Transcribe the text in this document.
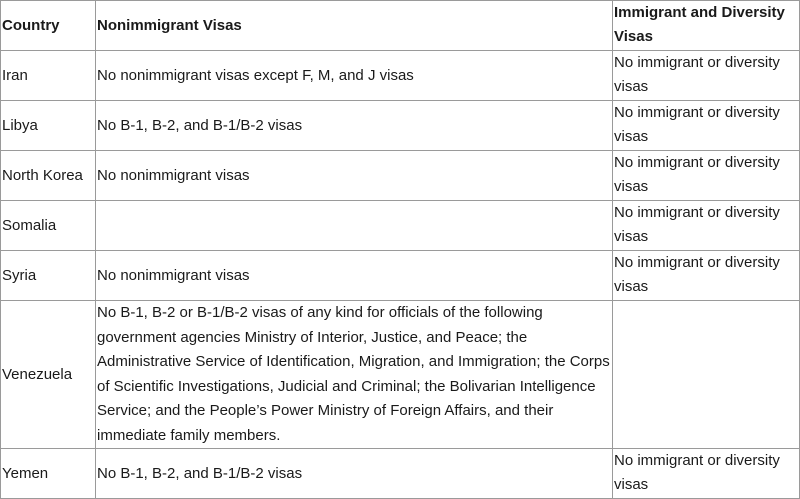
Country	Nonimmigrant Visas	Immigrant and Diversity Visas
Iran	No nonimmigrant visas except F, M, and J visas	No immigrant or diversity visas
Libya	No B-1, B-2, and B-1/B-2 visas	No immigrant or diversity visas
North Korea	No nonimmigrant visas	No immigrant or diversity visas
Somalia		No immigrant or diversity visas
Syria	No nonimmigrant visas	No immigrant or diversity visas
Venezuela	No B-1, B-2 or B-1/B-2 visas of any kind for officials of the following government agencies Ministry of Interior, Justice, and Peace; the Administrative Service of Identification, Migration, and Immigration; the Corps of Scientific Investigations, Judicial and Criminal; the Bolivarian Intelligence Service; and the People’s Power Ministry of Foreign Affairs, and their immediate family members.	
Yemen	No B-1, B-2, and B-1/B-2 visas	No immigrant or diversity visas
